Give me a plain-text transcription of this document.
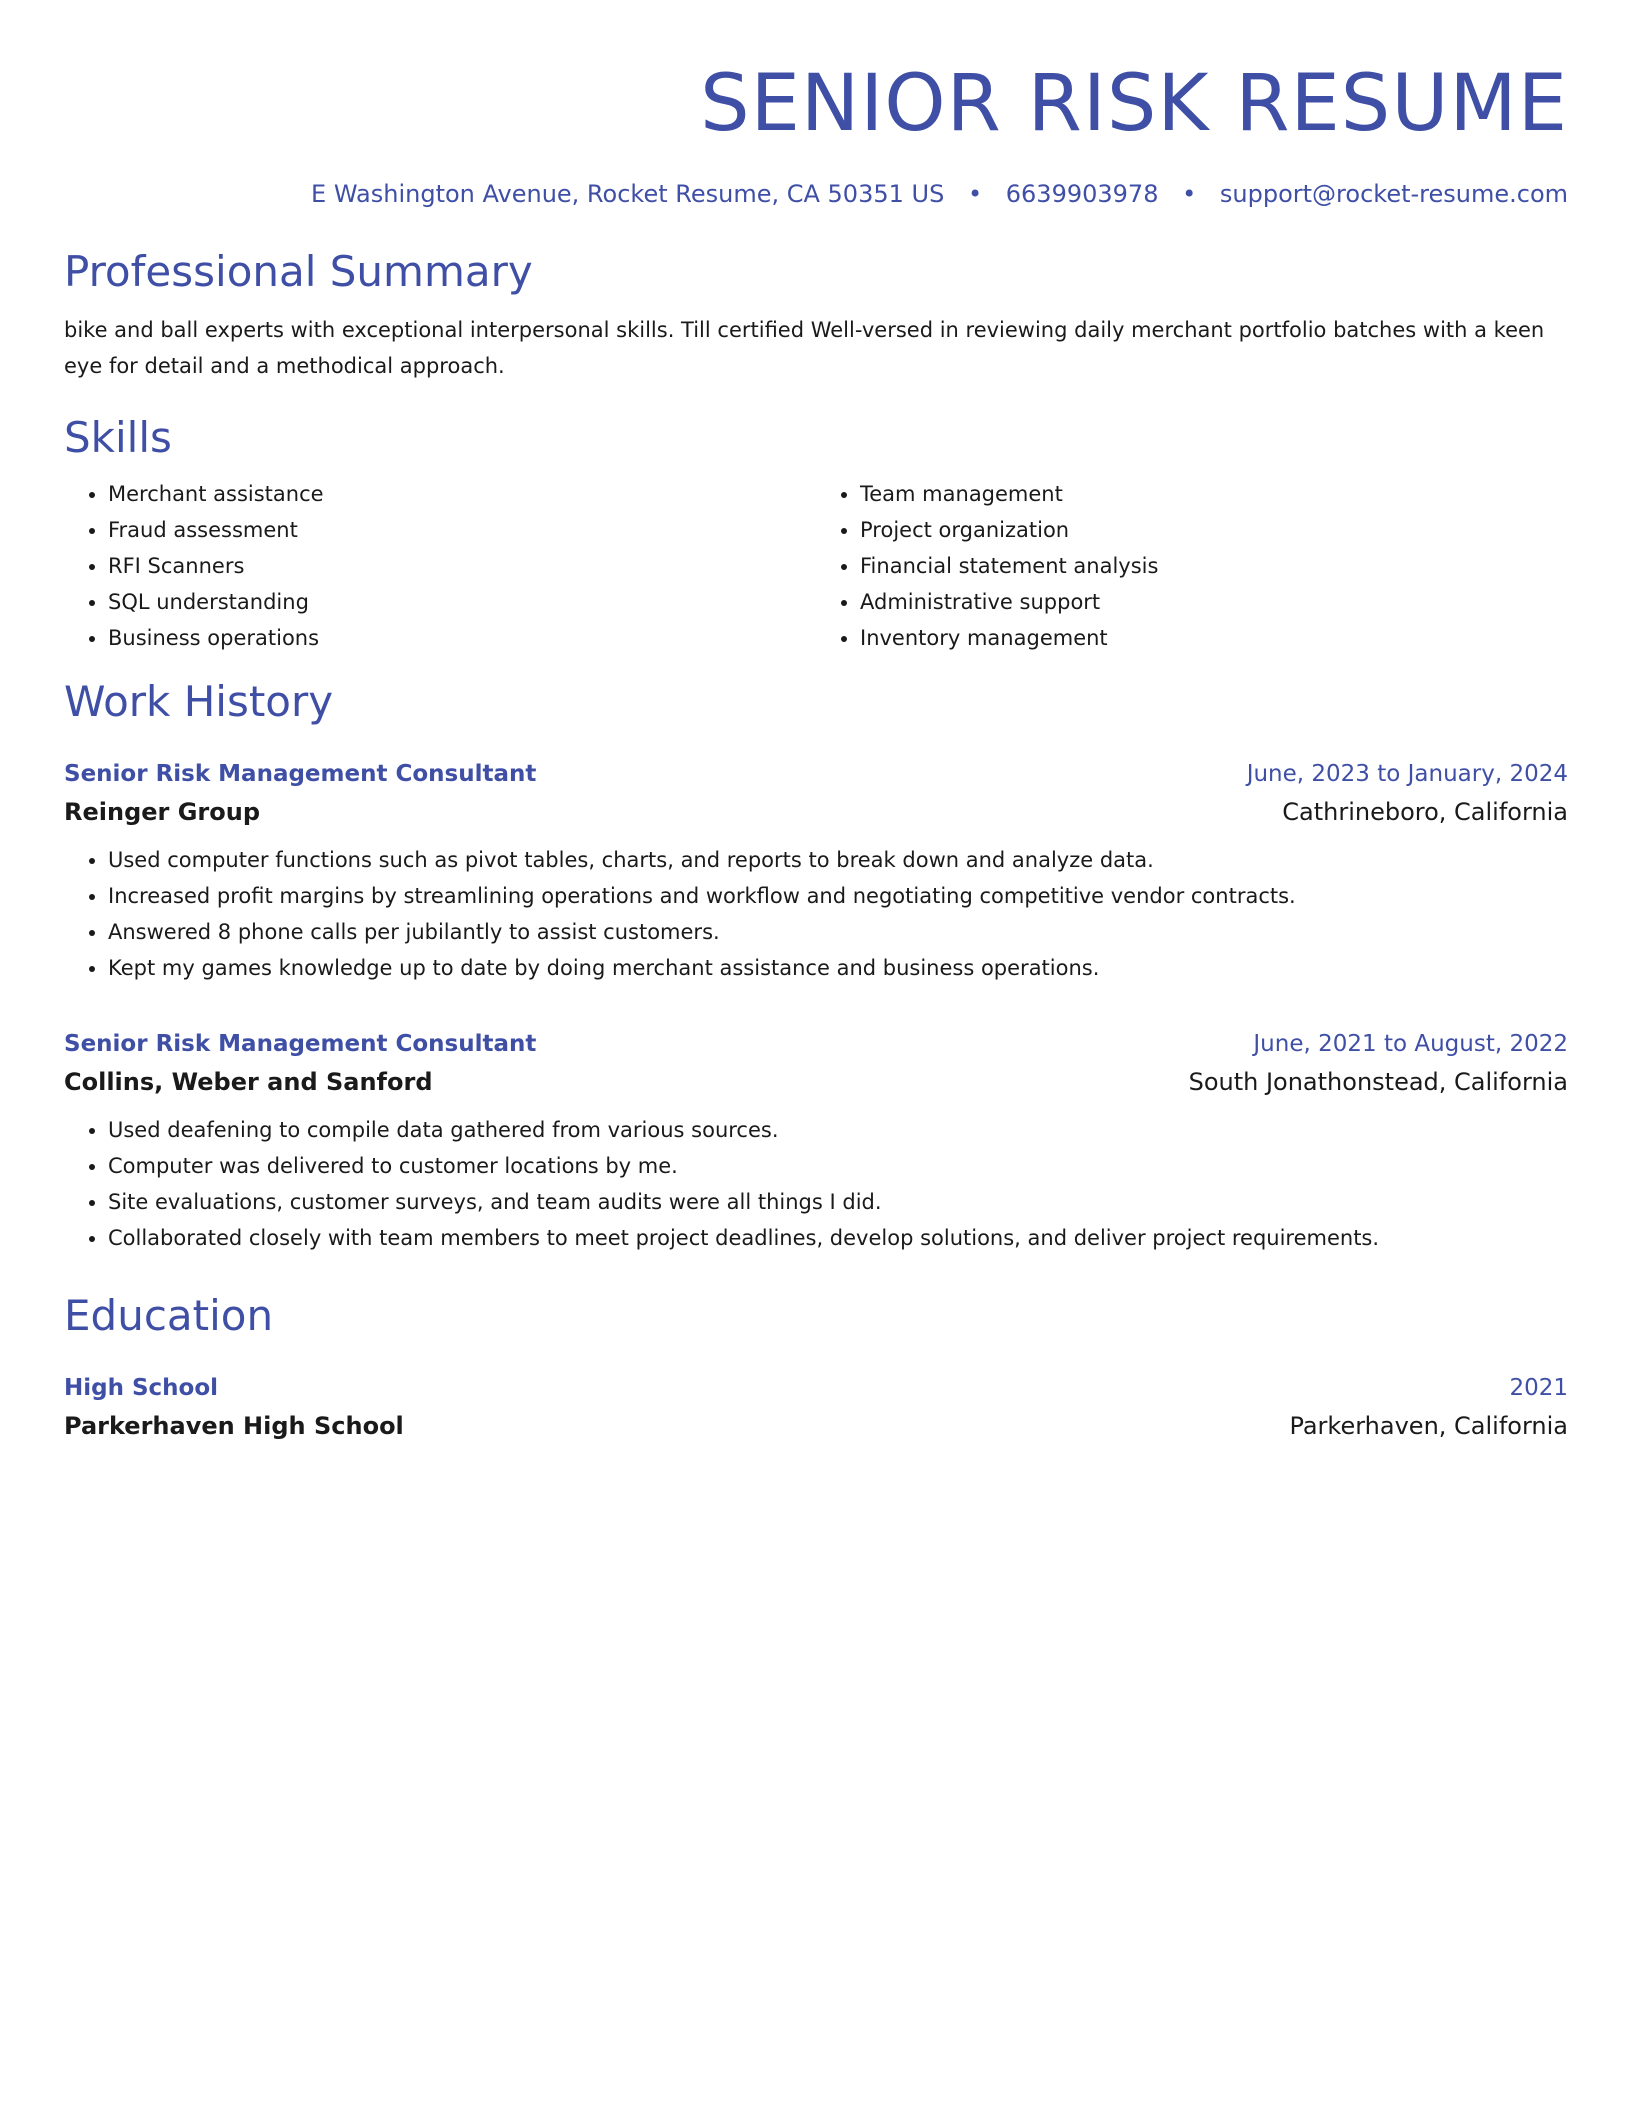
SENIOR RISK RESUME
E Washington Avenue, Rocket Resume, CA 50351 US • 6639903978 • support@rocket-resume.com
Professional Summary
bike and ball experts with exceptional interpersonal skills. Till certified Well-versed in reviewing daily merchant portfolio batches with a keen eye for detail and a methodical approach.
Skills
• Merchant assistance
• Fraud assessment
• RFI Scanners
• SQL understanding
• Business operations
• Team management
• Project organization
• Financial statement analysis
• Administrative support
• Inventory management
Work History
Senior Risk Management Consultant	June, 2023 to January, 2024
Reinger Group	Cathrineboro, California
• Used computer functions such as pivot tables, charts, and reports to break down and analyze data.
• Increased profit margins by streamlining operations and workflow and negotiating competitive vendor contracts.
• Answered 8 phone calls per jubilantly to assist customers.
• Kept my games knowledge up to date by doing merchant assistance and business operations.
Senior Risk Management Consultant	June, 2021 to August, 2022
Collins, Weber and Sanford	South Jonathonstead, California
• Used deafening to compile data gathered from various sources.
• Computer was delivered to customer locations by me.
• Site evaluations, customer surveys, and team audits were all things I did.
• Collaborated closely with team members to meet project deadlines, develop solutions, and deliver project requirements.
Education
High School	2021
Parkerhaven High School	Parkerhaven, California
